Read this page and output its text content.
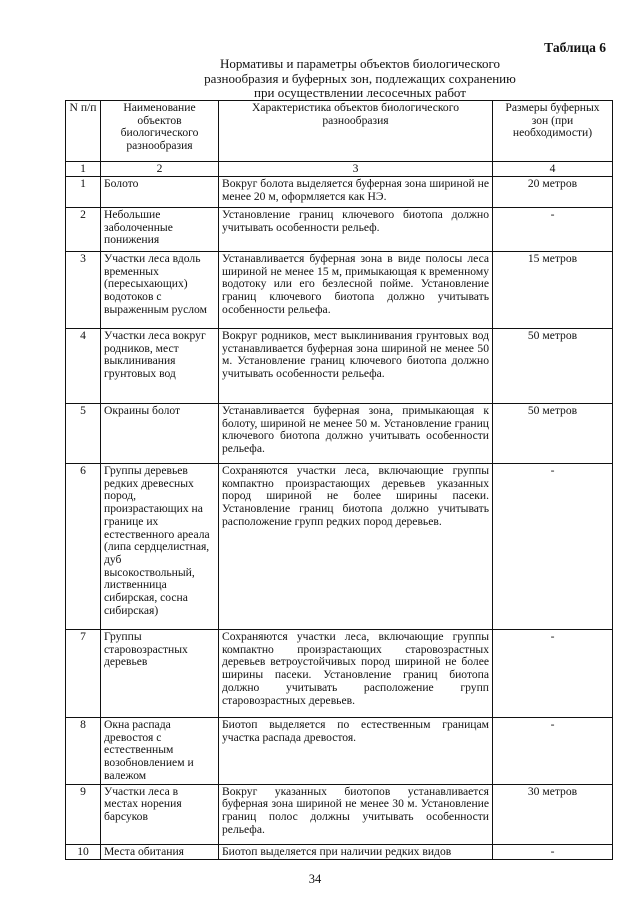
Таблица 6
Нормативы и параметры объектов биологического
разнообразия и буферных зон, подлежащих сохранению
при осуществлении лесосечных работ
N п/п	Наименование объектов биологического разнообразия	Характеристика объектов биологического разнообразия	Размеры буферных зон (при необходимости)
1	2	3	4
1	Болото	Вокруг болота выделяется буферная зона шириной не менее 20 м, оформляется как НЭ.	20 метров
2	Небольшие заболоченные понижения	Установление границ ключевого биотопа должно учитывать особенности рельеф.	-
3	Участки леса вдоль временных (пересыхающих) водотоков с выраженным руслом	Устанавливается буферная зона в виде полосы леса шириной не менее 15 м, примыкающая к временному водотоку или его безлесной пойме. Установление границ ключевого биотопа должно учитывать особенности рельефа.	15 метров
4	Участки леса вокруг родников, мест выклинивания грунтовых вод	Вокруг родников, мест выклинивания грунтовых вод устанавливается буферная зона шириной не менее 50 м. Установление границ ключевого биотопа должно учитывать особенности рельефа.	50 метров
5	Окраины болот	Устанавливается буферная зона, примыкающая к болоту, шириной не менее 50 м. Установление границ ключевого биотопа должно учитывать особенности рельефа.	50 метров
6	Группы деревьев редких древесных пород, произрастающих на границе их естественного ареала (липа сердцелистная, дуб высокоствольный, лиственница сибирская, сосна сибирская)	Сохраняются участки леса, включающие группы компактно произрастающих деревьев указанных пород шириной не более ширины пасеки. Установление границ биотопа должно учитывать расположение групп редких пород деревьев.	-
7	Группы старовозрастных деревьев	Сохраняются участки леса, включающие группы компактно произрастающих старовозрастных деревьев ветроустойчивых пород шириной не более ширины пасеки. Установление границ биотопа должно учитывать расположение групп старовозрастных деревьев.	-
8	Окна распада древостоя с естественным возобновлением и валежом	Биотоп выделяется по естественным границам участка распада древостоя.	-
9	Участки леса в местах норения барсуков	Вокруг указанных биотопов устанавливается буферная зона шириной не менее 30 м. Установление границ полос должны учитывать особенности рельефа.	30 метров
10	Места обитания	Биотоп выделяется при наличии редких видов	-
34
